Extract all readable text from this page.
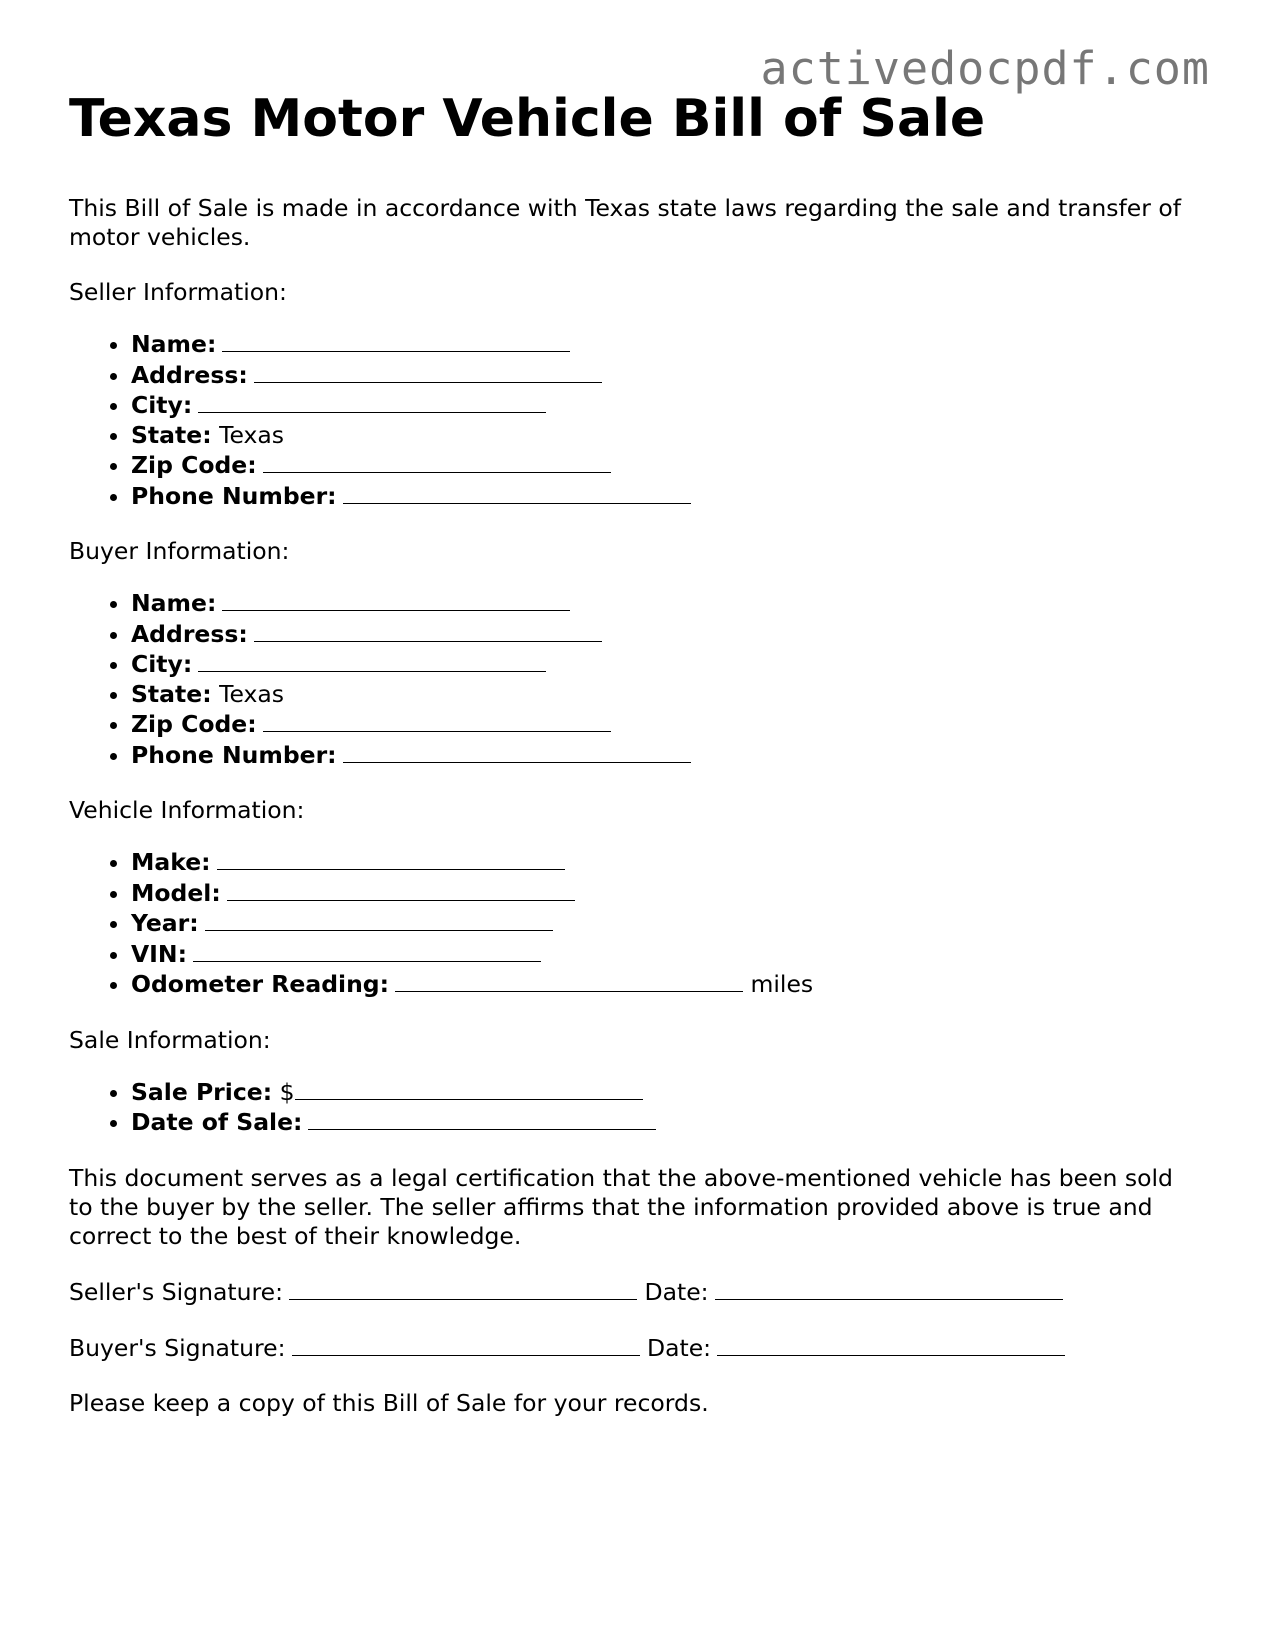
activedocpdf.com
Texas Motor Vehicle Bill of Sale

This Bill of Sale is made in accordance with Texas state laws regarding the sale and transfer of motor vehicles.

Seller Information:

• Name:
• Address:
• City:
• State: Texas
• Zip Code:
• Phone Number:

Buyer Information:

• Name:
• Address:
• City:
• State: Texas
• Zip Code:
• Phone Number:

Vehicle Information:

• Make:
• Model:
• Year:
• VIN:
• Odometer Reading:	miles

Sale Information:

• Sale Price: $
• Date of Sale:

This document serves as a legal certification that the above-mentioned vehicle has been sold to the buyer by the seller. The seller affirms that the information provided above is true and correct to the best of their knowledge.

Seller's Signature:	Date:

Buyer's Signature:	Date:

Please keep a copy of this Bill of Sale for your records.
